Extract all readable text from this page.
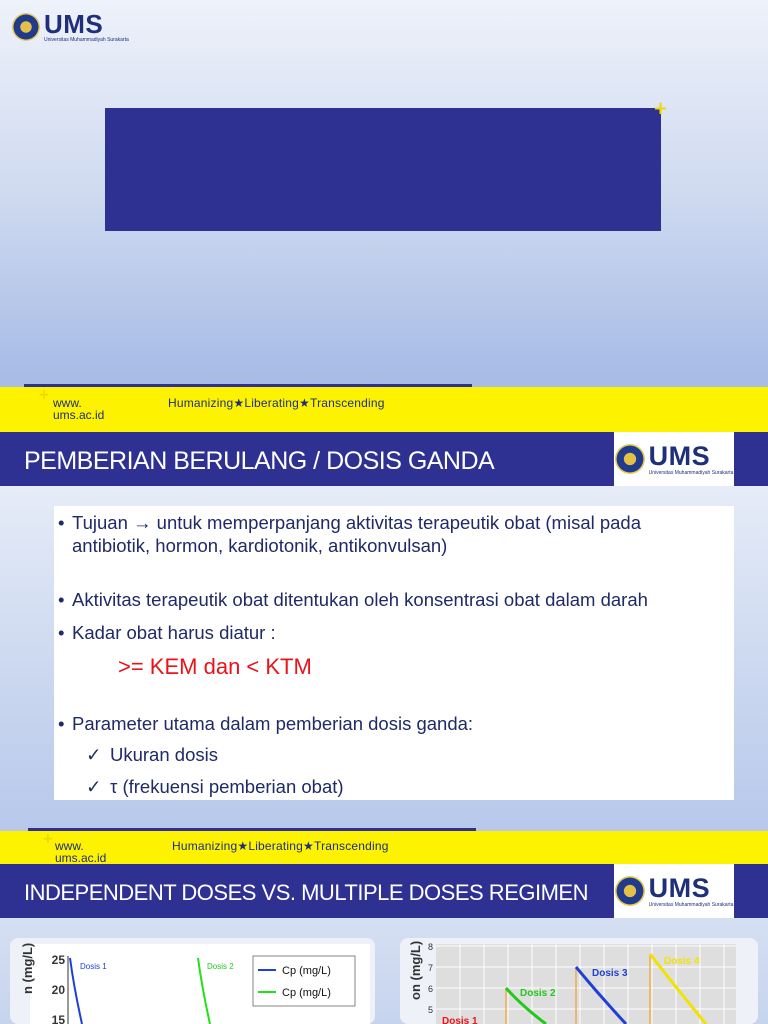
UMS
Universitas Muhammadiyah Surakarta
+
+ www.
ums.ac.id
Humanizing★Liberating★Transcending
PEMBERIAN BERULANG / DOSIS GANDA	UMS
Universitas Muhammadiyah Surakarta
• Tujuan → untuk memperpanjang aktivitas terapeutik obat (misal pada
antibiotik, hormon, kardiotonik, antikonvulsan)
• Aktivitas terapeutik obat ditentukan oleh konsentrasi obat dalam darah
• Kadar obat harus diatur :
>= KEM dan < KTM
• Parameter utama dalam pemberian dosis ganda:
✓ Ukuran dosis
✓ τ (frekuensi pemberian obat)
+ www.
ums.ac.id
Humanizing★Liberating★Transcending
INDEPENDENT DOSES VS. MULTIPLE DOSES REGIMEN UMS
Universitas Muhammadiyah Surakarta
n (mg/L) 25
20
15
Dosis 1	Dosis 2	Cp (mg/L)
Cp (mg/L)	on (mg/L) 8
7
6
5
Dosis 1
Dosis 2
Dosis 3
Dosis 4
